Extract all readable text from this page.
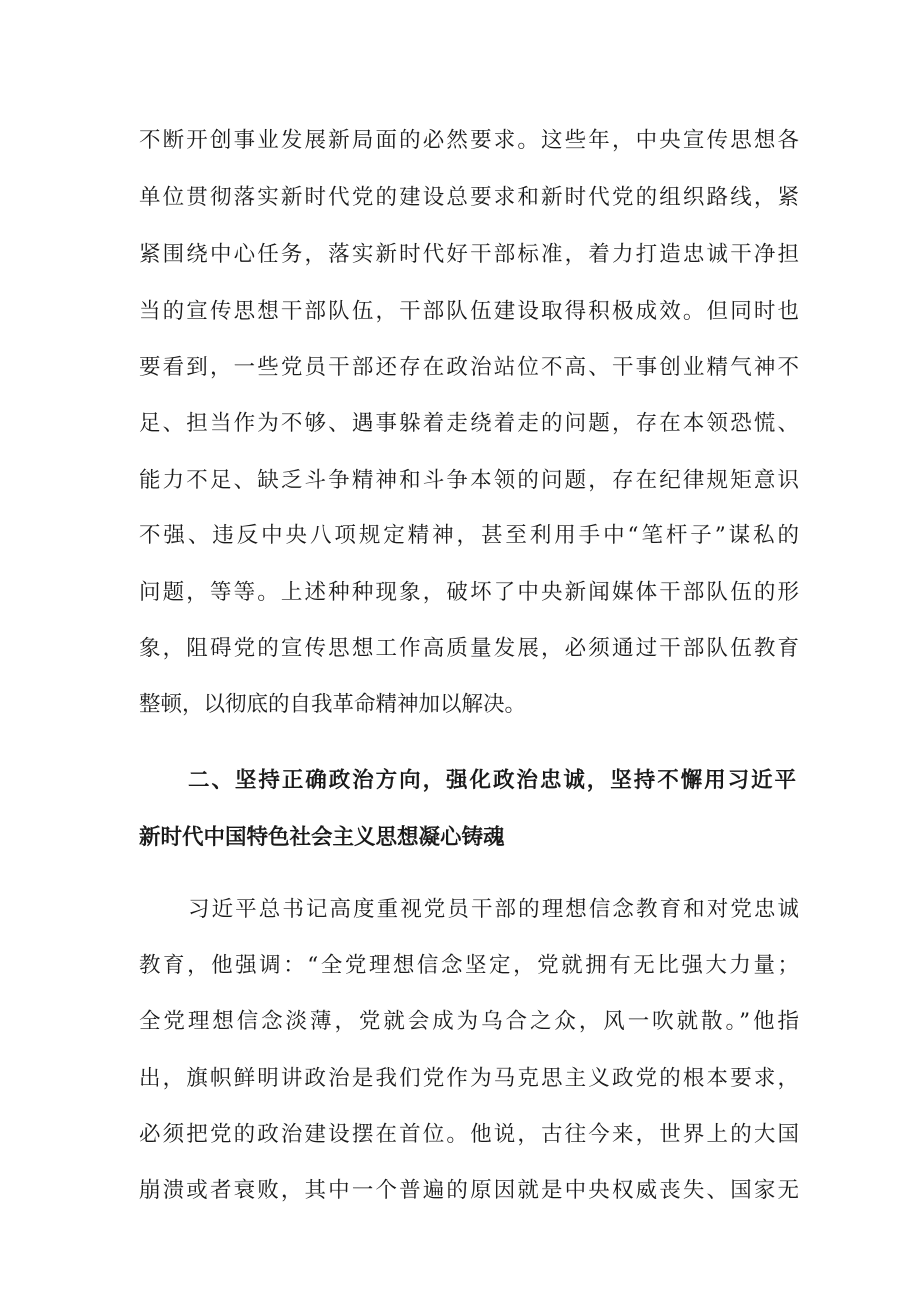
不断开创事业发展新局面的必然要求。这些年，中央宣传思想各
单位贯彻落实新时代党的建设总要求和新时代党的组织路线，紧
紧围绕中心任务，落实新时代好干部标准，着力打造忠诚干净担
当的宣传思想干部队伍，干部队伍建设取得积极成效。但同时也
要看到，一些党员干部还存在政治站位不高、干事创业精气神不
足、担当作为不够、遇事躲着走绕着走的问题，存在本领恐慌、
能力不足、缺乏斗争精神和斗争本领的问题，存在纪律规矩意识
不强、违反中央八项规定精神，甚至利用手中“笔杆子”谋私的
问题，等等。上述种种现象，破坏了中央新闻媒体干部队伍的形
象，阻碍党的宣传思想工作高质量发展，必须通过干部队伍教育
整顿，以彻底的自我革命精神加以解决。
二、坚持正确政治方向，强化政治忠诚，坚持不懈用习近平
新时代中国特色社会主义思想凝心铸魂
习近平总书记高度重视党员干部的理想信念教育和对党忠诚
教育，他强调：“全党理想信念坚定，党就拥有无比强大力量；
全党理想信念淡薄，党就会成为乌合之众，风一吹就散。”他指
出，旗帜鲜明讲政治是我们党作为马克思主义政党的根本要求，
必须把党的政治建设摆在首位。他说，古往今来，世界上的大国
崩溃或者衰败，其中一个普遍的原因就是中央权威丧失、国家无
